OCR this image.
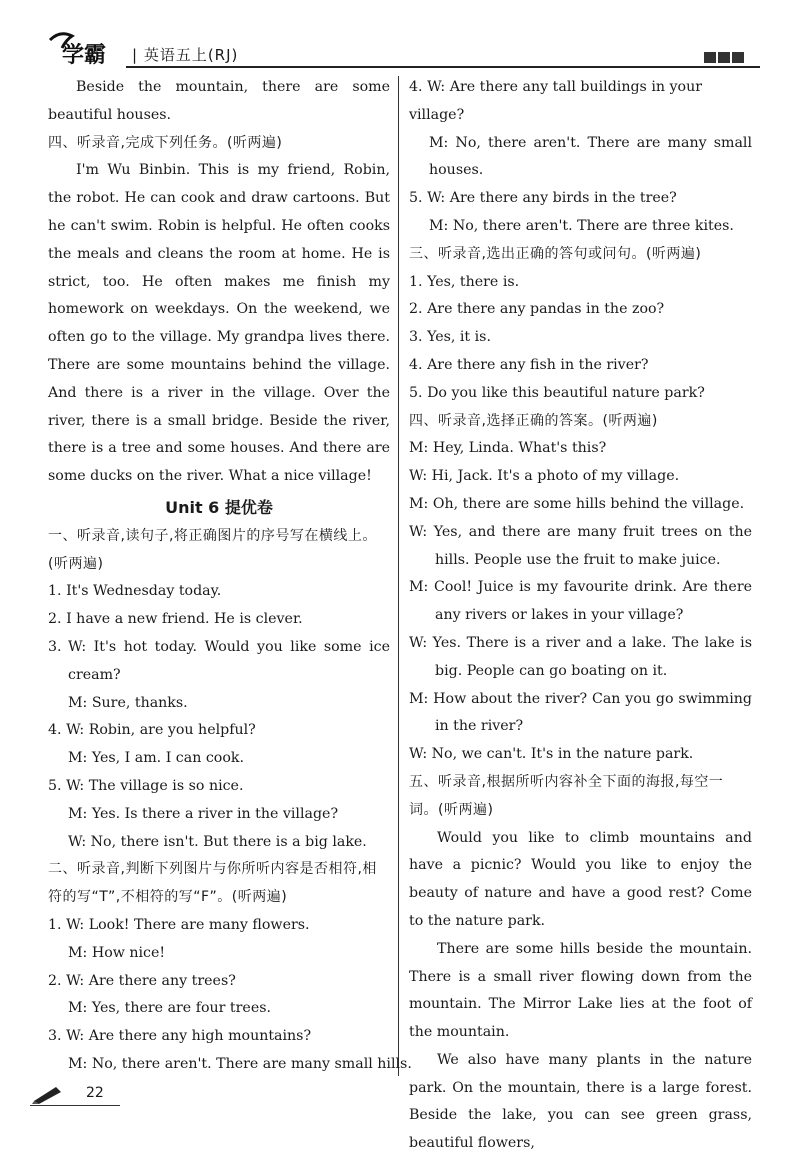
学霸 | 英语五上(RJ)

Beside the mountain, there are some beautiful houses.

四、听录音,完成下列任务。(听两遍)

I'm Wu Binbin. This is my friend, Robin, the robot. He can cook and draw cartoons. But he can't swim. Robin is helpful. He often cooks the meals and cleans the room at home. He is strict, too. He often makes me finish my homework on weekdays. On the weekend, we often go to the village. My grandpa lives there. There are some mountains behind the village. And there is a river in the village. Over the river, there is a small bridge. Beside the river, there is a tree and some houses. And there are some ducks on the river. What a nice village!

Unit 6 提优卷

一、听录音,读句子,将正确图片的序号写在横线上。(听两遍)

1. It's Wednesday today.
2. I have a new friend. He is clever.
3. W: It's hot today. Would you like some ice cream?
M: Sure, thanks.
4. W: Robin, are you helpful?
M: Yes, I am. I can cook.
5. W: The village is so nice.
M: Yes. Is there a river in the village?
W: No, there isn't. But there is a big lake.

二、听录音,判断下列图片与你所听内容是否相符,相符的写“T”,不相符的写“F”。(听两遍)

1. W: Look! There are many flowers.
M: How nice!
2. W: Are there any trees?
M: Yes, there are four trees.
3. W: Are there any high mountains?
M: No, there aren't. There are many small hills.
4. W: Are there any tall buildings in your village?
M: No, there aren't. There are many small houses.
5. W: Are there any birds in the tree?
M: No, there aren't. There are three kites.

三、听录音,选出正确的答句或问句。(听两遍)

1. Yes, there is.
2. Are there any pandas in the zoo?
3. Yes, it is.
4. Are there any fish in the river?
5. Do you like this beautiful nature park?

四、听录音,选择正确的答案。(听两遍)

M: Hey, Linda. What's this?
W: Hi, Jack. It's a photo of my village.
M: Oh, there are some hills behind the village.
W: Yes, and there are many fruit trees on the hills. People use the fruit to make juice.
M: Cool! Juice is my favourite drink. Are there any rivers or lakes in your village?
W: Yes. There is a river and a lake. The lake is big. People can go boating on it.
M: How about the river? Can you go swimming in the river?
W: No, we can't. It's in the nature park.

五、听录音,根据所听内容补全下面的海报,每空一词。(听两遍)

Would you like to climb mountains and have a picnic? Would you like to enjoy the beauty of nature and have a good rest? Come to the nature park.

There are some hills beside the mountain. There is a small river flowing down from the mountain. The Mirror Lake lies at the foot of the mountain.

We also have many plants in the nature park. On the mountain, there is a large forest. Beside the lake, you can see green grass, beautiful flowers,

22
